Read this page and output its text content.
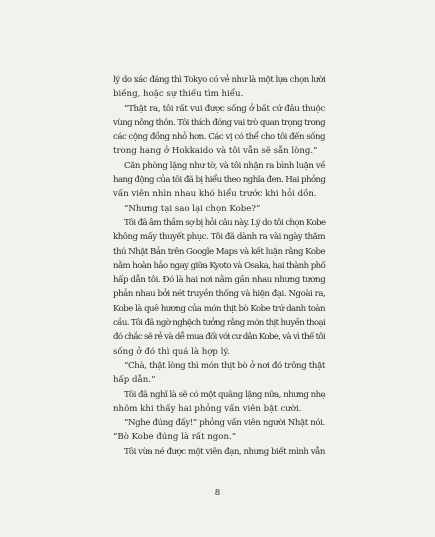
lý do xác đáng thì Tokyo có vẻ như là một lựa chọn lười
biếng, hoặc sự thiếu tìm hiểu.
“Thật ra, tôi rất vui được sống ở bất cứ đâu thuộc
vùng nông thôn. Tôi thích đóng vai trò quan trọng trong
các cộng đồng nhỏ hơn. Các vị có thể cho tôi đến sống
trong hang ở Hokkaido và tôi vẫn sẽ sẵn lòng.”
Căn phòng lặng như tờ, và tôi nhận ra bình luận về
hang động của tôi đã bị hiểu theo nghĩa đen. Hai phỏng
vấn viên nhìn nhau khó hiểu trước khi hỏi dồn.
“Nhưng tại sao lại chọn Kobe?”
Tôi đã âm thầm sợ bị hỏi câu này. Lý do tôi chọn Kobe
không mấy thuyết phục. Tôi đã dành ra vài ngày thăm
thú Nhật Bản trên Google Maps và kết luận rằng Kobe
nằm hoàn hảo ngay giữa Kyoto và Osaka, hai thành phố
hấp dẫn tôi. Đó là hai nơi nằm gần nhau nhưng tương
phản nhau bởi nét truyền thống và hiện đại. Ngoài ra,
Kobe là quê hương của món thịt bò Kobe trứ danh toàn
cầu. Tôi đã ngờ nghệch tưởng rằng món thịt huyền thoại
đó chắc sẽ rẻ và dễ mua đối với cư dân Kobe, và vì thế tôi
sống ở đó thì quá là hợp lý.
“Chà, thật lòng thì món thịt bò ở nơi đó trông thật
hấp dẫn.”
Tôi đã nghĩ là sẽ có một quãng lặng nữa, nhưng nhẹ
nhõm khi thấy hai phỏng vấn viên bật cười.
“Nghe đúng đấy!” phỏng vấn viên người Nhật nói.
“Bò Kobe đúng là rất ngon.”
Tôi vừa né được một viên đạn, nhưng biết mình vẫn
8
